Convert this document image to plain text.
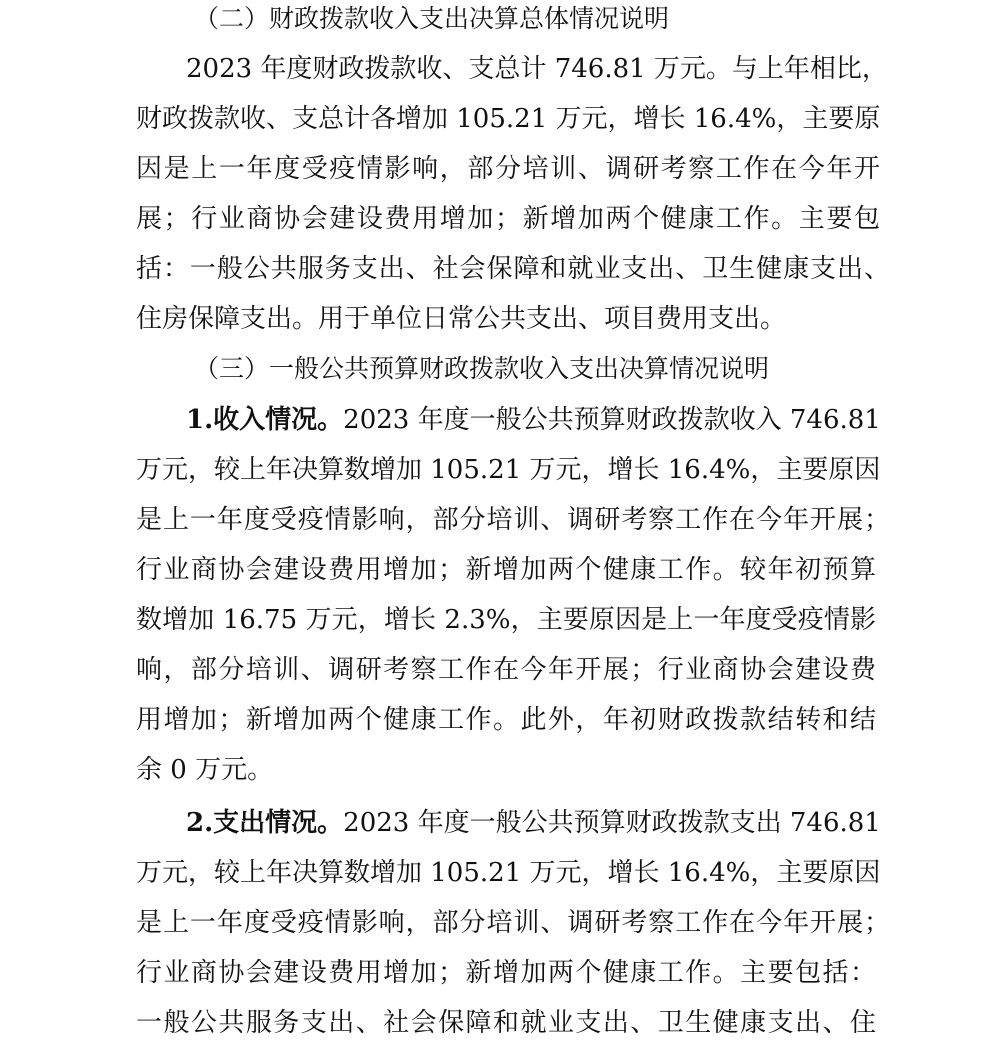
（二）财政拨款收入支出决算总体情况说明
2023 年度财政拨款收、支总计 746.81 万元。与上年相比，
财政拨款收、支总计各增加 105.21 万元，增长 16.4%，主要原
因是上一年度受疫情影响，部分培训、调研考察工作在今年开
展；行业商协会建设费用增加；新增加两个健康工作。主要包
括：一般公共服务支出、社会保障和就业支出、卫生健康支出、
住房保障支出。用于单位日常公共支出、项目费用支出。
（三）一般公共预算财政拨款收入支出决算情况说明
1.收入情况。2023 年度一般公共预算财政拨款收入 746.81
万元，较上年决算数增加 105.21 万元，增长 16.4%，主要原因
是上一年度受疫情影响，部分培训、调研考察工作在今年开展；
行业商协会建设费用增加；新增加两个健康工作。较年初预算
数增加 16.75 万元，增长 2.3%，主要原因是上一年度受疫情影
响，部分培训、调研考察工作在今年开展；行业商协会建设费
用增加；新增加两个健康工作。此外，年初财政拨款结转和结
余 0 万元。
2.支出情况。2023 年度一般公共预算财政拨款支出 746.81
万元，较上年决算数增加 105.21 万元，增长 16.4%，主要原因
是上一年度受疫情影响，部分培训、调研考察工作在今年开展；
行业商协会建设费用增加；新增加两个健康工作。主要包括：
一般公共服务支出、社会保障和就业支出、卫生健康支出、住
